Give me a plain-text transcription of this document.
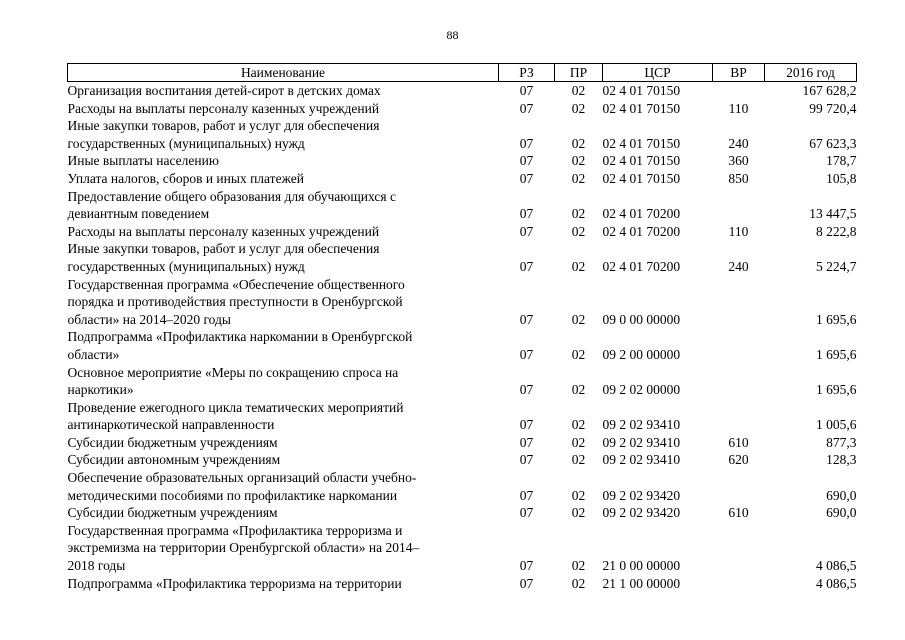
88
Наименование	РЗ	ПР	ЦСР	ВР	2016 год
Организация воспитания детей-сирот в детских домах	07	02	02 4 01 70150		167 628,2
Расходы на выплаты персоналу казенных учреждений	07	02	02 4 01 70150	110	99 720,4
Иные закупки товаров, работ и услуг для обеспечения
государственных (муниципальных) нужд	07	02	02 4 01 70150	240	67 623,3
Иные выплаты населению	07	02	02 4 01 70150	360	178,7
Уплата налогов, сборов и иных платежей	07	02	02 4 01 70150	850	105,8
Предоставление общего образования для обучающихся с
девиантным поведением	07	02	02 4 01 70200		13 447,5
Расходы на выплаты персоналу казенных учреждений	07	02	02 4 01 70200	110	8 222,8
Иные закупки товаров, работ и услуг для обеспечения
государственных (муниципальных) нужд	07	02	02 4 01 70200	240	5 224,7
Государственная программа «Обеспечение общественного
порядка и противодействия преступности в Оренбургской
области» на 2014–2020 годы	07	02	09 0 00 00000		1 695,6
Подпрограмма «Профилактика наркомании в Оренбургской
области»	07	02	09 2 00 00000		1 695,6
Основное мероприятие «Меры по сокращению спроса на
наркотики»	07	02	09 2 02 00000		1 695,6
Проведение ежегодного цикла тематических мероприятий
антинаркотической направленности	07	02	09 2 02 93410		1 005,6
Субсидии бюджетным учреждениям	07	02	09 2 02 93410	610	877,3
Субсидии автономным учреждениям	07	02	09 2 02 93410	620	128,3
Обеспечение образовательных организаций области учебно-
методическими пособиями по профилактике наркомании	07	02	09 2 02 93420		690,0
Субсидии бюджетным учреждениям	07	02	09 2 02 93420	610	690,0
Государственная программа «Профилактика терроризма и
экстремизма на территории Оренбургской области» на 2014–
2018 годы	07	02	21 0 00 00000		4 086,5
Подпрограмма «Профилактика терроризма на территории	07	02	21 1 00 00000		4 086,5
